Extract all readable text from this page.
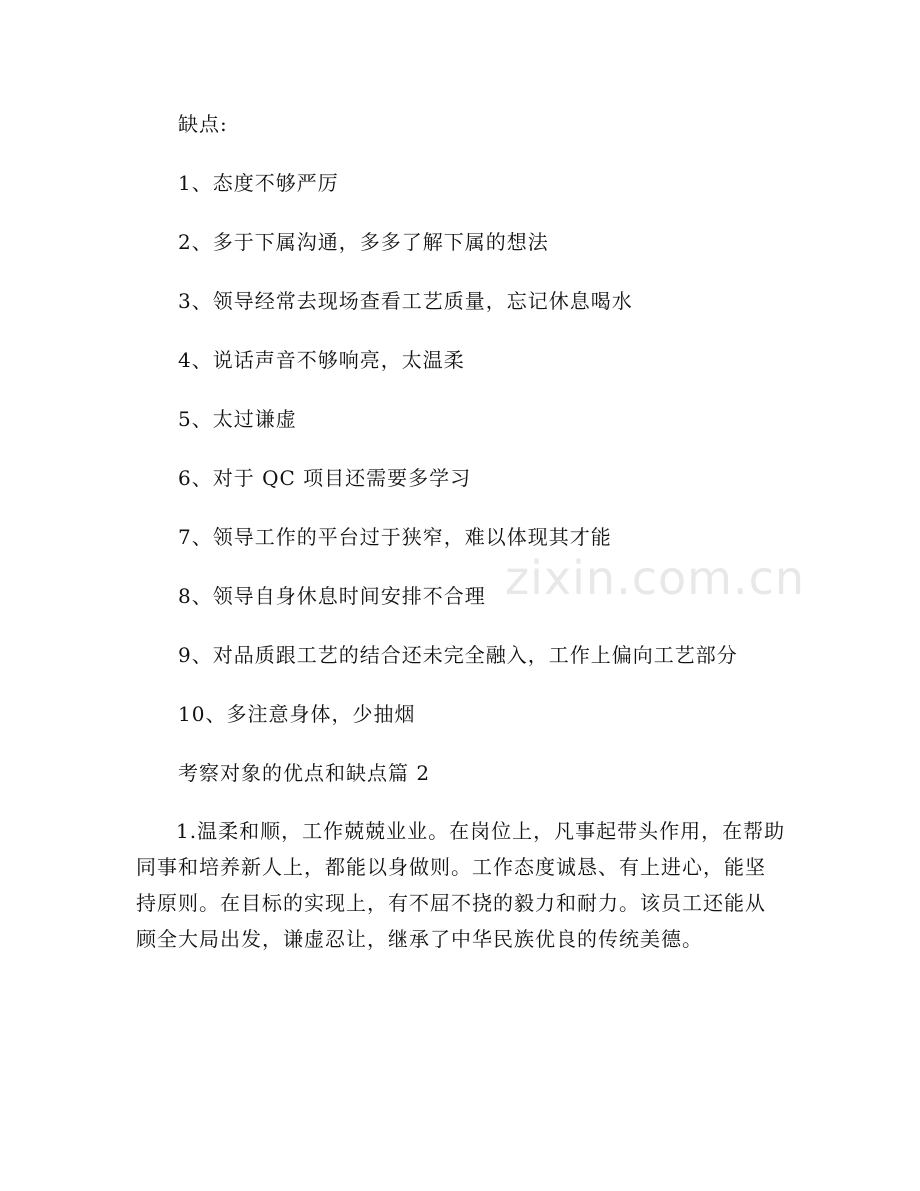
缺点:
1、态度不够严厉
2、多于下属沟通，多多了解下属的想法
3、领导经常去现场查看工艺质量，忘记休息喝水
4、说话声音不够响亮，太温柔
5、太过谦虚
6、对于 QC 项目还需要多学习
7、领导工作的平台过于狭窄，难以体现其才能
8、领导自身休息时间安排不合理
9、对品质跟工艺的结合还未完全融入，工作上偏向工艺部分
10、多注意身体，少抽烟
考察对象的优点和缺点篇 2
1.温柔和顺，工作兢兢业业。在岗位上，凡事起带头作用，在帮助同事和培养新人上，都能以身做则。工作态度诚恳、有上进心，能坚持原则。在目标的实现上，有不屈不挠的毅力和耐力。该员工还能从顾全大局出发，谦虚忍让，继承了中华民族优良的传统美德。
zixin.com.cn
